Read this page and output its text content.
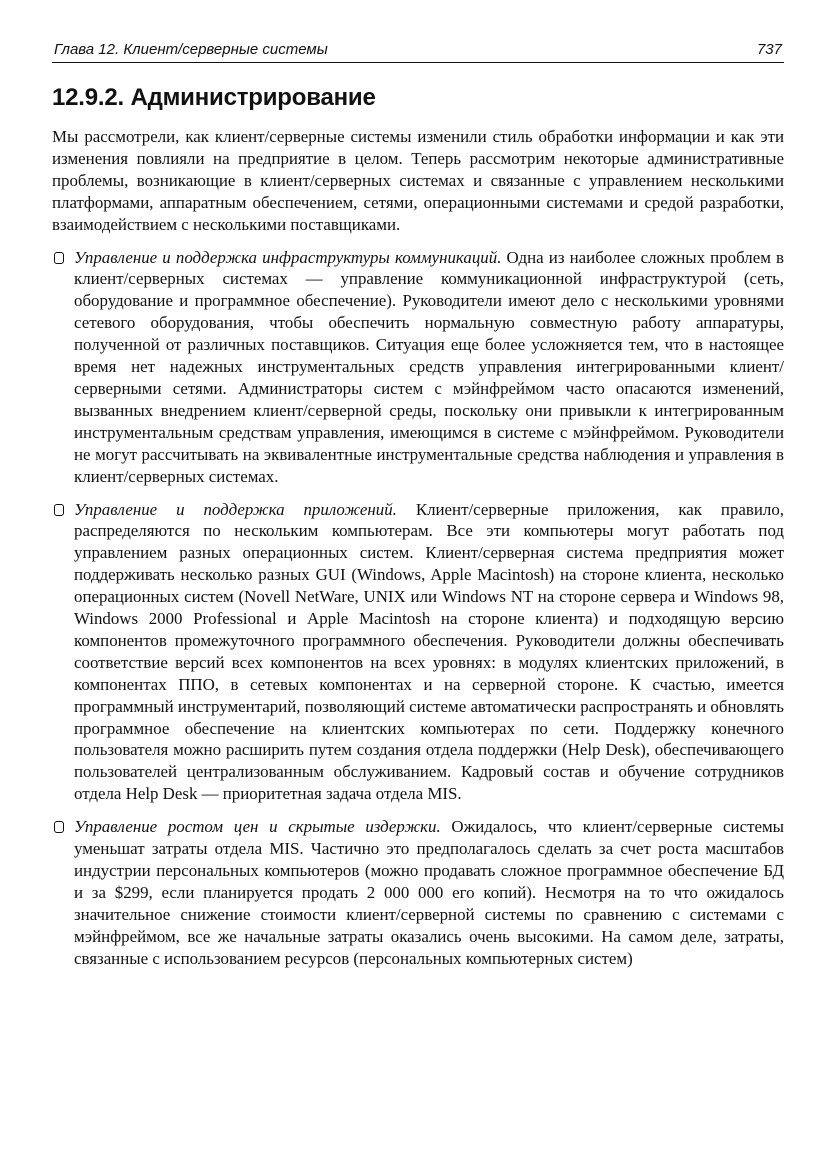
Глава 12. Клиент/серверные системы	737
12.9.2. Администрирование

Мы рассмотрели, как клиент/серверные системы изменили стиль обработки информации и как эти изменения повлияли на предприятие в целом. Теперь рассмотрим некоторые административные проблемы, возникающие в клиент/серверных системах и связанные с управлением несколькими платформами, аппаратным обеспечением, сетями, операционными системами и средой разработки, взаимодействием с несколькими поставщиками.

Управление и поддержка инфраструктуры коммуникаций. Одна из наиболее сложных проблем в клиент/серверных системах — управление коммуникационной инфраструктурой (сеть, оборудование и программное обеспечение). Руководители имеют дело с несколькими уровнями сетевого оборудования, чтобы обеспечить нормальную совместную работу аппаратуры, полученной от различных поставщиков. Ситуация еще более усложняется тем, что в настоящее время нет надежных инструментальных средств управления интегрированными клиент/серверными сетями. Администраторы систем с мэйнфреймом часто опасаются изменений, вызванных внедрением клиент/серверной среды, поскольку они привыкли к интегрированным инструментальным средствам управления, имеющимся в системе с мэйнфреймом. Руководители не могут рассчитывать на эквивалентные инструментальные средства наблюдения и управления в клиент/серверных системах.
Управление и поддержка приложений. Клиент/серверные приложения, как правило, распределяются по нескольким компьютерам. Все эти компьютеры могут работать под управлением разных операционных систем. Клиент/серверная система предприятия может поддерживать несколько разных GUI (Windows, Apple Macintosh) на стороне клиента, несколько операционных систем (Novell NetWare, UNIX или Windows NT на стороне сервера и Windows 98, Windows 2000 Professional и Apple Macintosh на стороне клиента) и подходящую версию компонентов промежуточного программного обеспечения. Руководители должны обеспечивать соответствие версий всех компонентов на всех уровнях: в модулях клиентских приложений, в компонентах ППО, в сетевых компонентах и на серверной стороне. К счастью, имеется программный инструментарий, позволяющий системе автоматически распространять и обновлять программное обеспечение на клиентских компьютерах по сети. Поддержку конечного пользователя можно расширить путем создания отдела поддержки (Help Desk), обеспечивающего пользователей централизованным обслуживанием. Кадровый состав и обучение сотрудников отдела Help Desk — приоритетная задача отдела MIS.
Управление ростом цен и скрытые издержки. Ожидалось, что клиент/серверные системы уменьшат затраты отдела MIS. Частично это предполагалось сделать за счет роста масштабов индустрии персональных компьютеров (можно продавать сложное программное обеспечение БД и за $299, если планируется продать 2 000 000 его копий). Несмотря на то что ожидалось значительное снижение стоимости клиент/серверной системы по сравнению с системами с мэйнфреймом, все же начальные затраты оказались очень высокими. На самом деле, затраты, связанные с использованием ресурсов (персональных компьютерных систем)
